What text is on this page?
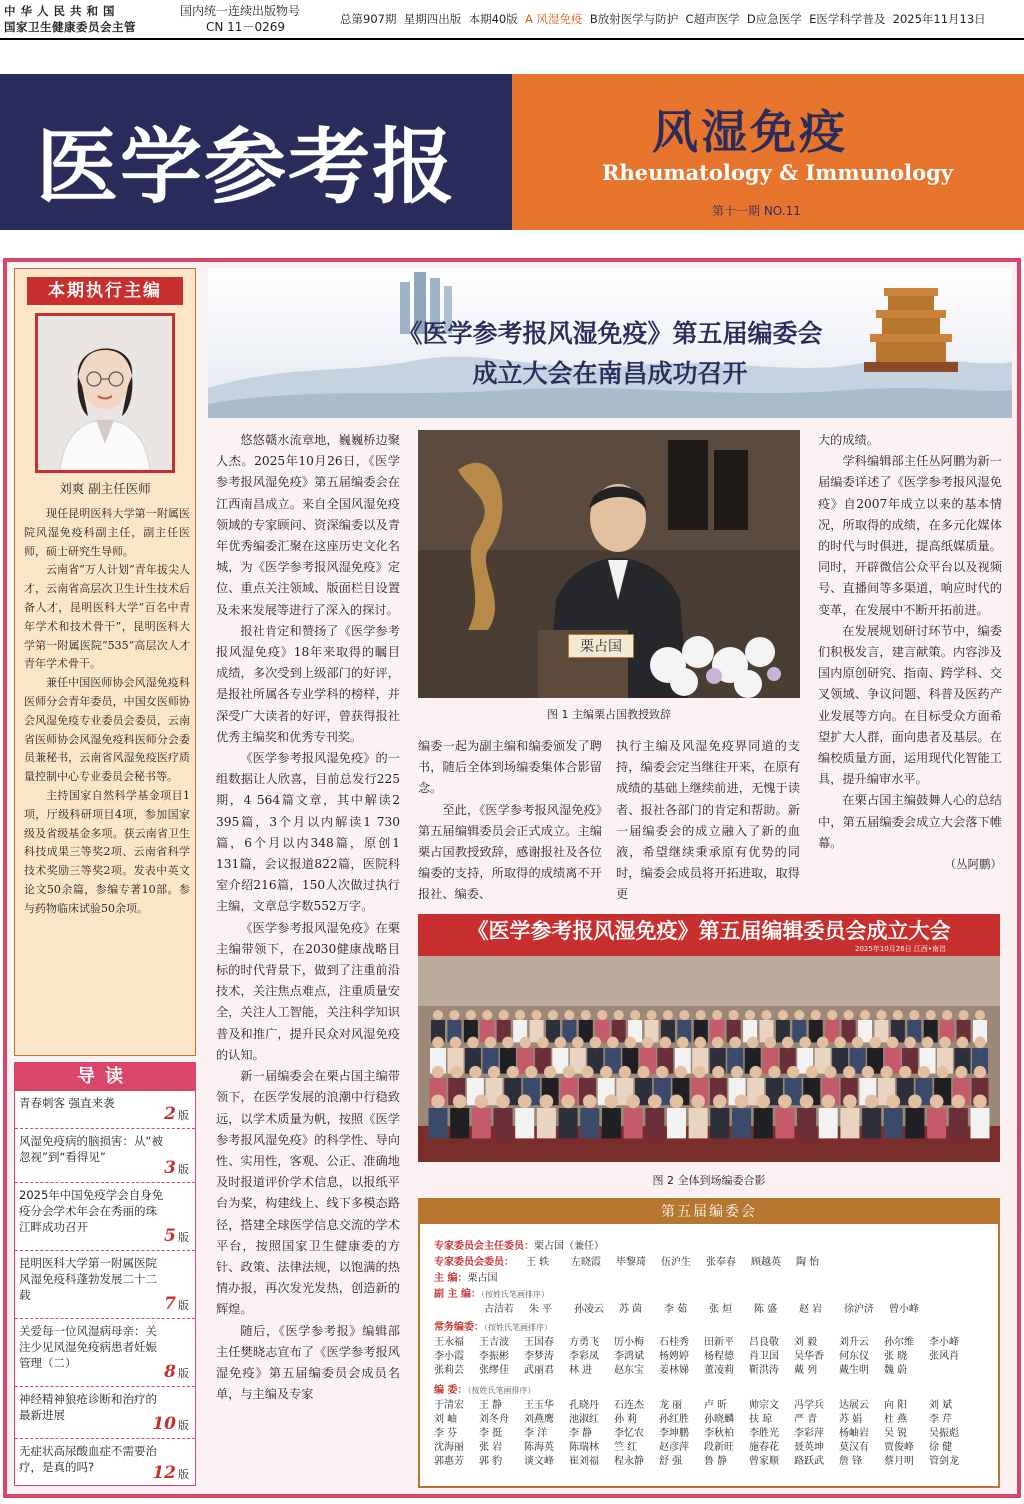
中 华 人 民 共 和 国
国家卫生健康委员会主管
国内统一连续出版物号
CN 11－0269
总第907期  星期四出版  本期40版  A 风湿免疫  B放射医学与防护  C超声医学  D应急医学  E医学科学普及  2025年11月13日
医学参考报	风湿免疫
Rheumatology & Immunology
第十一期 NO.11
本期执行主编
刘爽 副主任医师

现任昆明医科大学第一附属医院风湿免疫科副主任，副主任医师，硕士研究生导师。

云南省“万人计划”青年拔尖人才，云南省高层次卫生计生技术后备人才，昆明医科大学“百名中青年学术和技术骨干”，昆明医科大学第一附属医院“535”高层次人才青年学术骨干。

兼任中国医师协会风湿免疫科医师分会青年委员，中国女医师协会风湿免疫专业委员会委员，云南省医师协会风湿免疫科医师分会委员兼秘书，云南省风湿免疫医疗质量控制中心专业委员会秘书等。

主持国家自然科学基金项目1项，厅级科研项目4项，参加国家级及省级基金多项。获云南省卫生科技成果三等奖2项、云南省科学技术奖励三等奖2项。发表中英文论文50余篇，参编专著10部。参与药物临床试验50余项。

导读
青春刺客 强直来袭
2 版
风湿免疫病的脑损害：从“被忽视”到“看得见”
3 版
2025年中国免疫学会自身免疫分会学术年会在秀丽的珠江畔成功召开	5 版
昆明医科大学第一附属医院风湿免疫科蓬勃发展二十二载	7 版
关爱每一位风湿病母亲：关注少见风湿免疫病患者妊娠管理（二）	8 版
神经精神狼疮诊断和治疗的最新进展	10 版
无症状高尿酸血症不需要治疗，是真的吗?	12 版
《医学参考报风湿免疫》第五届编委会
成立大会在南昌成功召开

悠悠赣水流章地，巍巍桥边聚人杰。2025年10月26日，《医学参考报风湿免疫》第五届编委会在江西南昌成立。来自全国风湿免疫领域的专家顾问、资深编委以及青年优秀编委汇聚在这座历史文化名城，为《医学参考报风湿免疫》定位、重点关注领域、版面栏目设置及未来发展等进行了深入的探讨。

报社肯定和赞扬了《医学参考报风湿免疫》18年来取得的瞩目成绩，多次受到上级部门的好评，是报社所属各专业学科的榜样，并深受广大读者的好评，曾获得报社优秀主编奖和优秀专刊奖。

《医学参考报风湿免疫》的一组数据让人欣喜，目前总发行225期，4 564篇文章，其中解读2 395篇，3个月以内解读1 730篇，6个月以内348篇，原创1 131篇，会议报道822篇，医院科室介绍216篇，150人次做过执行主编，文章总字数552万字。

《医学参考报风湿免疫》在栗主编带领下，在2030健康战略目标的时代背景下，做到了注重前沿技术，关注焦点难点，注重质量安全，关注人工智能，关注科学知识普及和推广，提升民众对风湿免疫的认知。

新一届编委会在栗占国主编带领下，在医学发展的浪潮中行稳致远，以学术质量为帆，按照《医学参考报风湿免疫》的科学性、导向性、实用性，客观、公正、准确地及时报道评价学术信息，以报纸平台为桨，构建线上、线下多模态路径，搭建全球医学信息交流的学术平台，按照国家卫生健康委的方针、政策、法律法规，以饱满的热情办报，再次发光发热，创造新的辉煌。

随后，《医学参考报》编辑部主任樊晓志宣布了《医学参考报风湿免疫》第五届编委员会成员名单，与主编及专家

栗占国
图 1 主编栗占国教授致辞

编委一起为副主编和编委颁发了聘书，随后全体到场编委集体合影留念。

至此，《医学参考报风湿免疫》第五届编辑委员会正式成立。主编栗占国教授致辞，感谢报社及各位编委的支持，所取得的成绩离不开报社、编委、

执行主编及风湿免疫界同道的支持，编委会定当继往开来，在原有成绩的基础上继续前进，无愧于读者、报社各部门的肯定和帮助。新一届编委会的成立融入了新的血液，希望继续秉承原有优势的同时，编委会成员将开拓进取，取得更

大的成绩。

学科编辑部主任丛阿鹏为新一届编委详述了《医学参考报风湿免疫》自2007年成立以来的基本情况，所取得的成绩，在多元化媒体的时代与时俱进，提高纸媒质量。同时，开辟微信公众平台以及视频号、直播间等多渠道，响应时代的变革，在发展中不断开拓前进。

在发展规划研讨环节中，编委们积极发言，建言献策。内容涉及国内原创研究、指南、跨学科、交叉领域、争议问题、科普及医药产业发展等方向。在目标受众方面希望扩大人群，面向患者及基层。在编校质量方面，运用现代化智能工具，提升编审水平。

在栗占国主编鼓舞人心的总结中，第五届编委会成立大会落下帷幕。

（丛阿鹏）
《医学参考报风湿免疫》第五届编辑委员会成立大会
2025年10月26日 江西•南昌
图 2 全体到场编委合影
第五届编委会
专家委员会主任委员：栗占国（兼任）
专家委员会委员： 王 轶 左晓霞 毕黎琦 伍沪生 张奉春 顾越英 陶 怡
主 编：栗占国
副 主 编：（按姓氏笔画排序）
古洁若 朱 平 孙凌云 苏 茵 李 茹 张 烜 陈 盛 赵 岩 徐沪济 曾小峰
常务编委：（按姓氏笔画排序）
王永福 王吉波 王国春 方勇飞 厉小梅 石桂秀 田新平 吕良敬 刘 毅 刘升云 孙尔维 李小峰
李小霞 李振彬 李梦涛 李彩凤 李鸿斌 杨娉婷 杨程德 肖卫国 吴华香 何东仪 张 晓 张风肖
张莉芸 张缪佳 武丽君 林 进 赵东宝 姜林娣 董凌莉 靳洪涛 戴 列 戴生明 魏 蔚
编 委：（按姓氏笔画排序）
于清宏 王 静 王玉华 孔晓丹 石连杰 龙 丽 卢 昕 帅宗文 冯学兵 达展云 向 阳 刘 斌
刘 岫 刘冬舟 刘燕鹰 池淑红 孙 莉 孙红胜 孙晓麟 扶 琼 严 青 苏 娟 杜 燕 李 芹
李 芬 李 挺 李 洋 李 静 李忆农 李坤鹏 李秋柏 李胜光 李彩萍 杨岫岩 吴 锐 吴振彪
沈海丽 张 岩 陈海英 陈瑞林 竺 红 赵彦萍 段新旺 施春花 聂英坤 莫汉有 贾俊峰 徐 健
郭惠芳 郭 豹 谈文峰 崔刘福 程永静 舒 强 鲁 静 曾家顺 路跃武 詹 锋 蔡月明 管剑龙
